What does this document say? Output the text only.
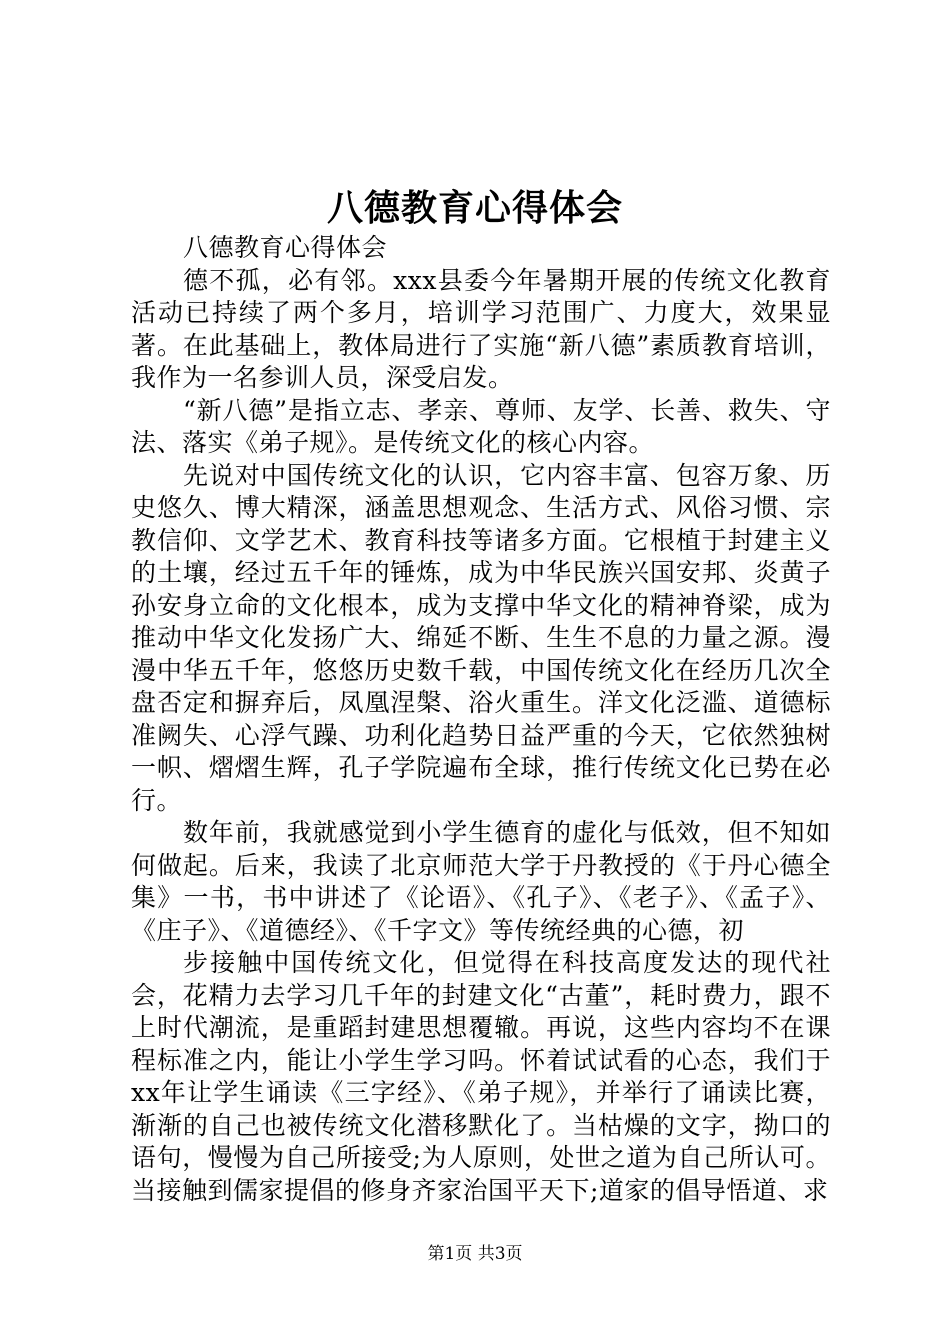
八德教育心得体会

八德教育心得体会

德不孤，必有邻。xxx县委今年暑期开展的传统文化教育活动已持续了两个多月，培训学习范围广、力度大，效果显著。在此基础上，教体局进行了实施“新八德”素质教育培训，我作为一名参训人员，深受启发。

“新八德”是指立志、孝亲、尊师、友学、长善、救失、守法、落实《弟子规》。是传统文化的核心内容。

先说对中国传统文化的认识，它内容丰富、包容万象、历史悠久、博大精深，涵盖思想观念、生活方式、风俗习惯、宗教信仰、文学艺术、教育科技等诸多方面。它根植于封建主义的土壤，经过五千年的锤炼，成为中华民族兴国安邦、炎黄子孙安身立命的文化根本，成为支撑中华文化的精神脊梁，成为推动中华文化发扬广大、绵延不断、生生不息的力量之源。漫漫中华五千年，悠悠历史数千载，中国传统文化在经历几次全盘否定和摒弃后，凤凰涅槃、浴火重生。洋文化泛滥、道德标准阙失、心浮气躁、功利化趋势日益严重的今天，它依然独树一帜、熠熠生辉，孔子学院遍布全球，推行传统文化已势在必行。

数年前，我就感觉到小学生德育的虚化与低效，但不知如何做起。后来，我读了北京师范大学于丹教授的《于丹心德全集》一书，书中讲述了《论语》、《孔子》、《老子》、《孟子》、《庄子》、《道德经》、《千字文》等传统经典的心德，初

步接触中国传统文化，但觉得在科技高度发达的现代社会，花精力去学习几千年的封建文化“古董”，耗时费力，跟不上时代潮流，是重蹈封建思想覆辙。再说，这些内容均不在课程标准之内，能让小学生学习吗。怀着试试看的心态，我们于xx年让学生诵读《三字经》、《弟子规》，并举行了诵读比赛，渐渐的自己也被传统文化潜移默化了。当枯燥的文字，拗口的语句，慢慢为自己所接受;为人原则，处世之道为自己所认可。当接触到儒家提倡的修身齐家治国平天下;道家的倡导悟道、求

第1页 共3页
